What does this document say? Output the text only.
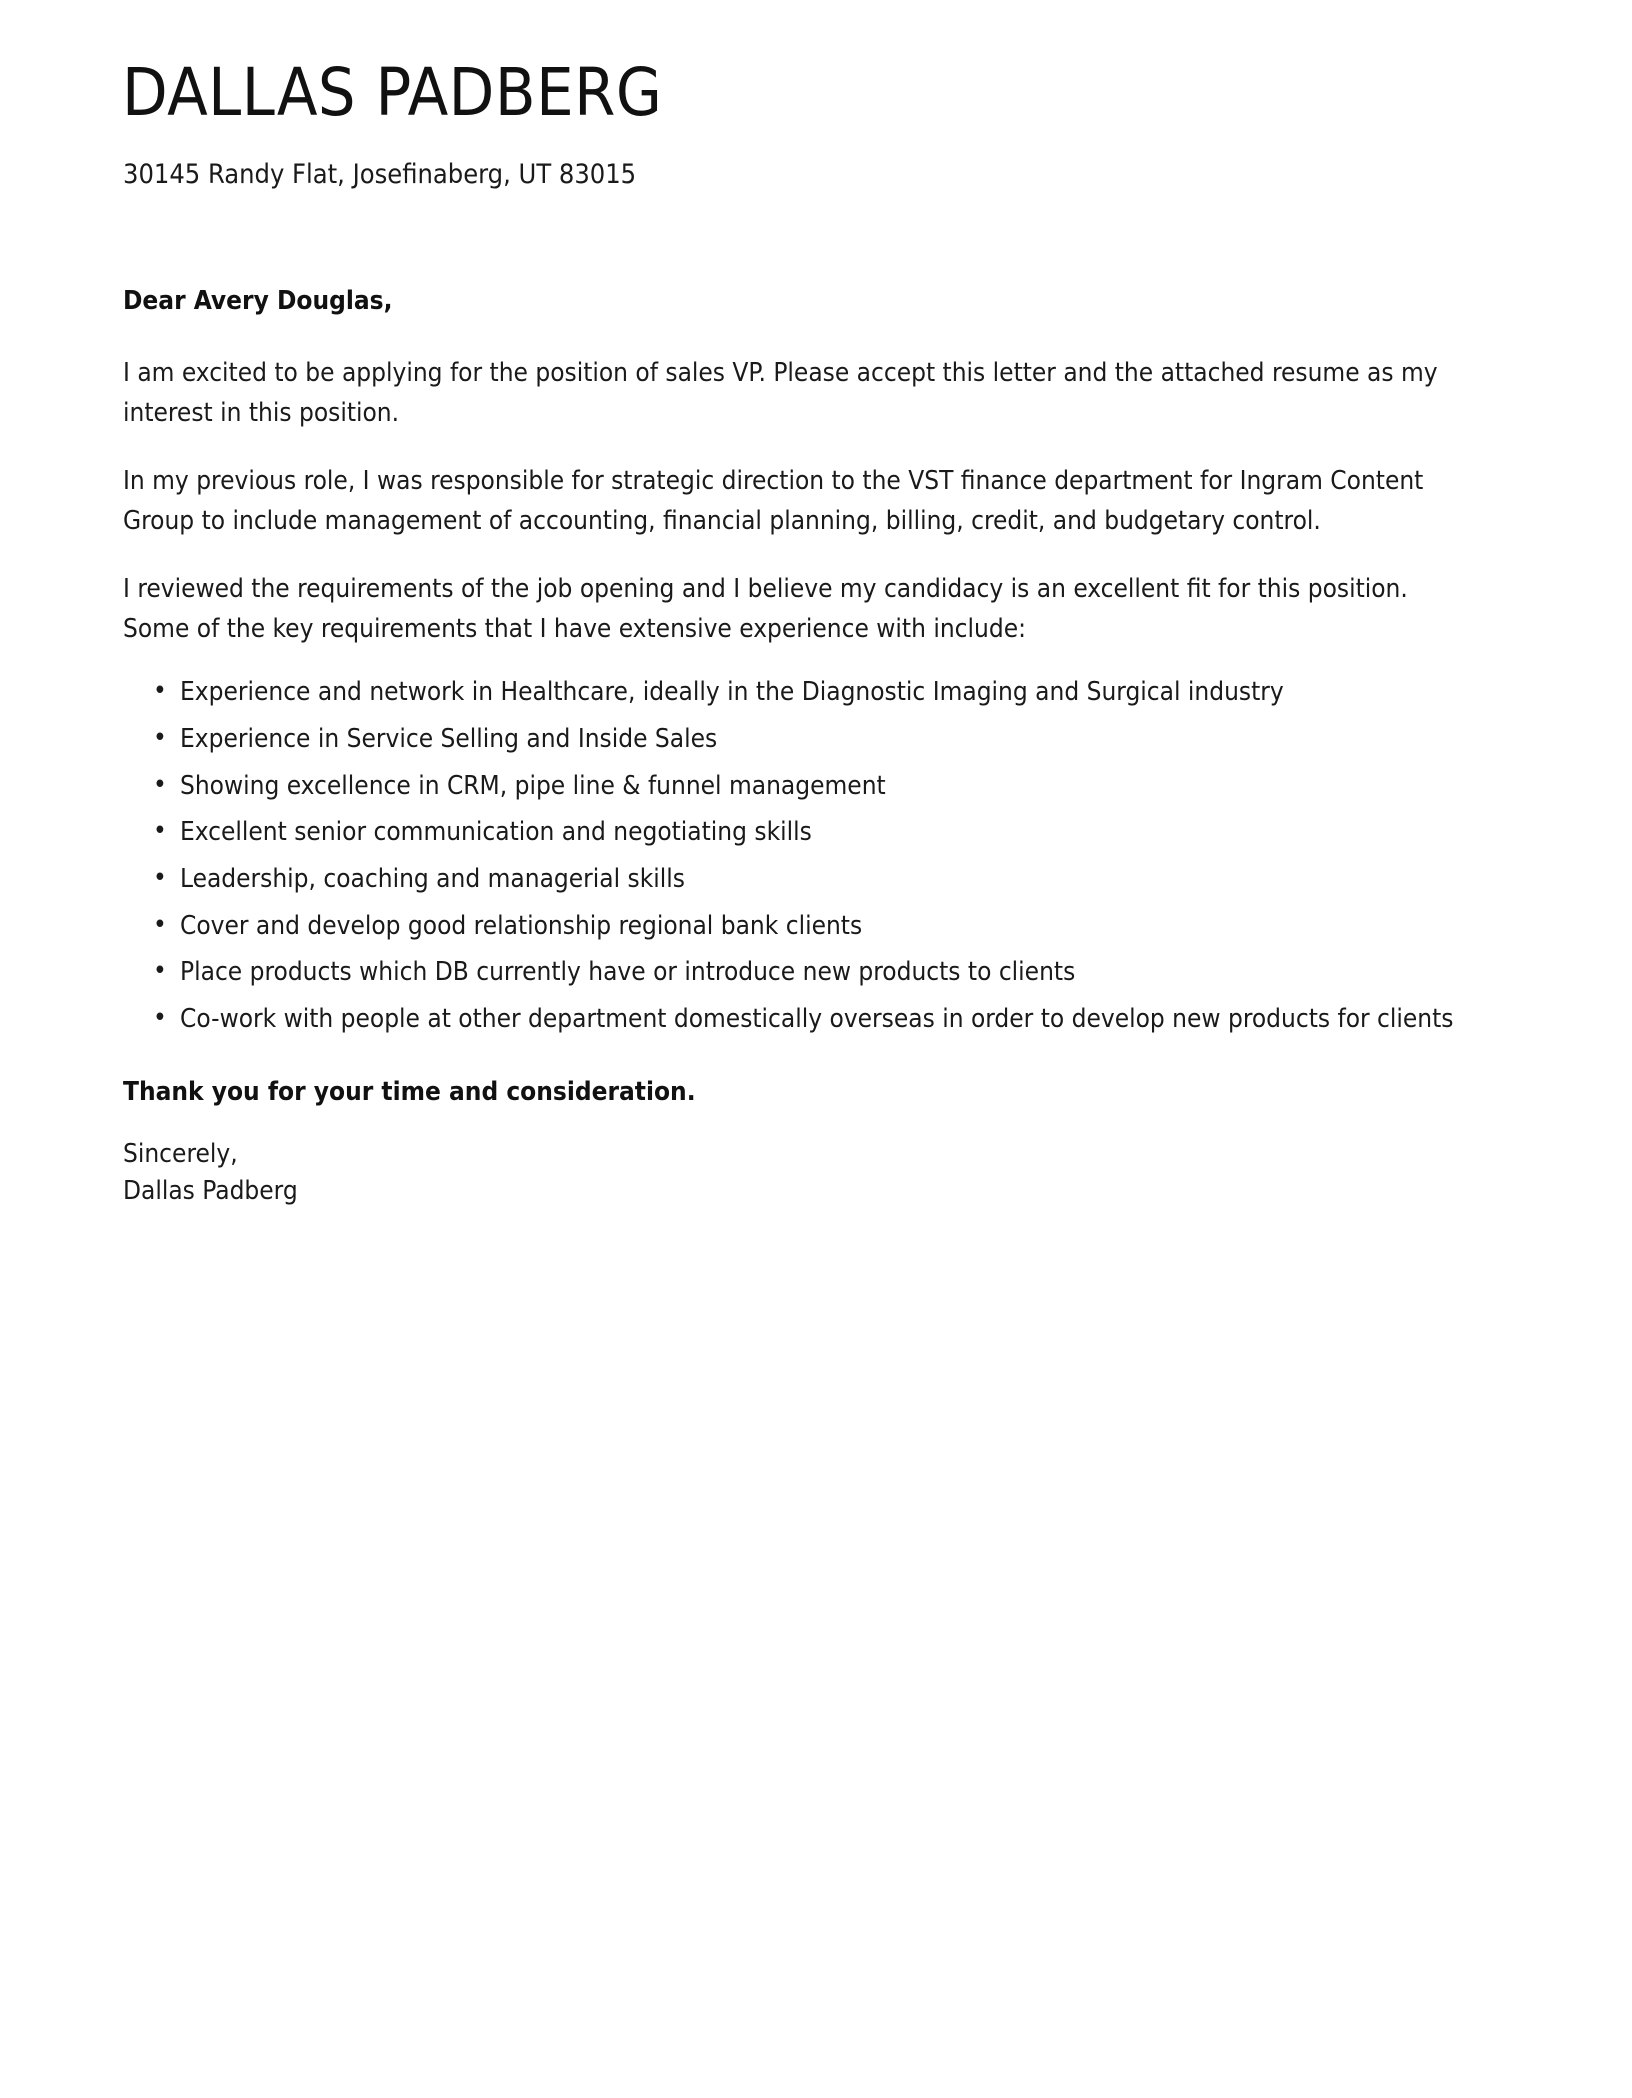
DALLAS PADBERG
30145 Randy Flat, Josefinaberg, UT 83015

Dear Avery Douglas,

I am excited to be applying for the position of sales VP. Please accept this letter and the attached resume as my interest in this position.

In my previous role, I was responsible for strategic direction to the VST finance department for Ingram Content Group to include management of accounting, financial planning, billing, credit, and budgetary control.

I reviewed the requirements of the job opening and I believe my candidacy is an excellent fit for this position. Some of the key requirements that I have extensive experience with include:

• Experience and network in Healthcare, ideally in the Diagnostic Imaging and Surgical industry
• Experience in Service Selling and Inside Sales
• Showing excellence in CRM, pipe line & funnel management
• Excellent senior communication and negotiating skills
• Leadership, coaching and managerial skills
• Cover and develop good relationship regional bank clients
• Place products which DB currently have or introduce new products to clients
• Co-work with people at other department domestically overseas in order to develop new products for clients

Thank you for your time and consideration.

Sincerely,
Dallas Padberg
